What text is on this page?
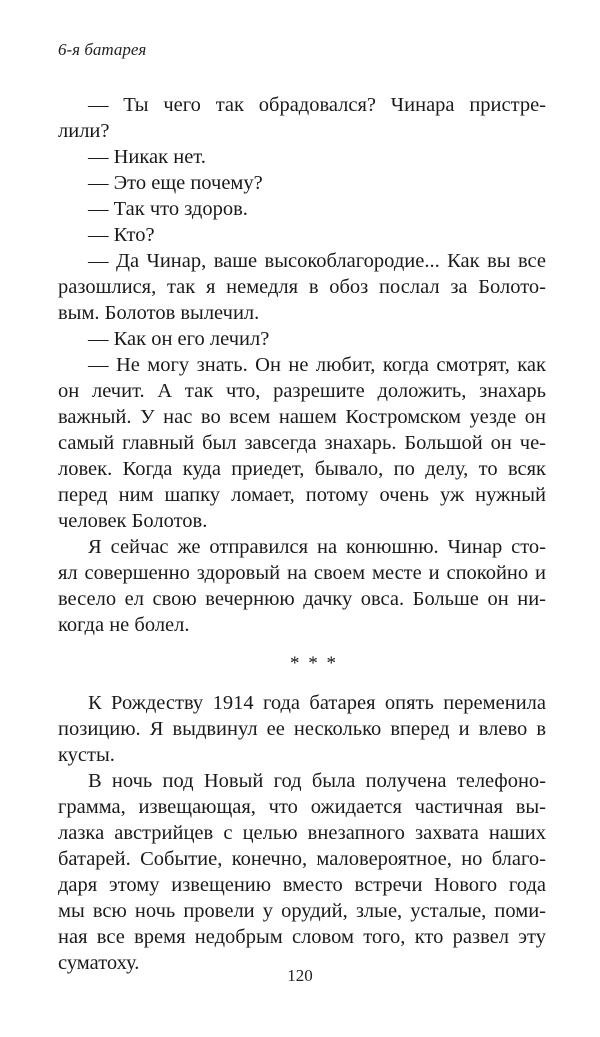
6-я батарея
— Ты чего так обрадовался? Чинара пристре-
лили?
— Никак нет.
— Это еще почему?
— Так что здоров.
— Кто?
— Да Чинар, ваше высокоблагородие... Как вы все
разошлися, так я немедля в обоз послал за Болото-
вым. Болотов вылечил.
— Как он его лечил?
— Не могу знать. Он не любит, когда смотрят, как
он лечит. А так что, разрешите доложить, знахарь
важный. У нас во всем нашем Костромском уезде он
самый главный был завсегда знахарь. Большой он че-
ловек. Когда куда приедет, бывало, по делу, то всяк
перед ним шапку ломает, потому очень уж нужный
человек Болотов.
Я сейчас же отправился на конюшню. Чинар сто-
ял совершенно здоровый на своем месте и спокойно и
весело ел свою вечернюю дачку овса. Больше он ни-
когда не болел.
* * *
К Рождеству 1914 года батарея опять переменила
позицию. Я выдвинул ее несколько вперед и влево в
кусты.
В ночь под Новый год была получена телефоно-
грамма, извещающая, что ожидается частичная вы-
лазка австрийцев с целью внезапного захвата наших
батарей. Событие, конечно, маловероятное, но благо-
даря этому извещению вместо встречи Нового года
мы всю ночь провели у орудий, злые, усталые, поми-
ная все время недобрым словом того, кто развел эту
суматоху.
120
